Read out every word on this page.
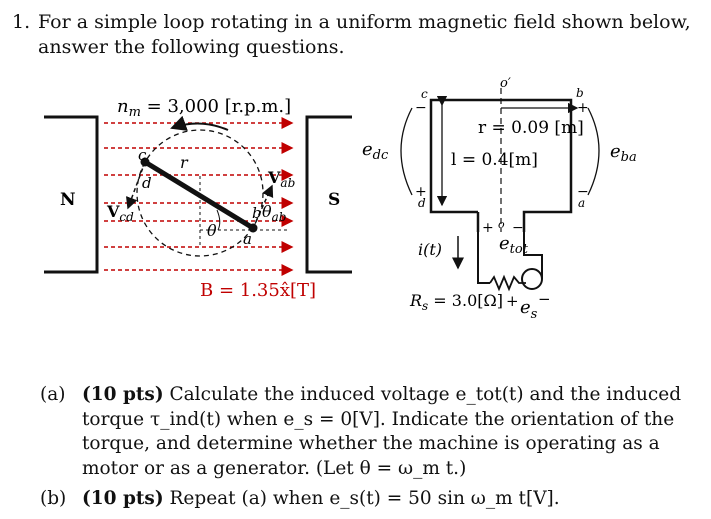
1. For a simple loop rotating in a uniform magnetic field shown below, answer the following questions.
N	S
$n_m = 3,000$ [r.p.m.]
c
d
r
$V_{ab}$
$V_{cd}$	b $\theta_{ab}$
θ a
B = 1.35x̂[T]
o′
c	b
d	a
−
+
+
−
r = 0.09 [m]
l = 0.4[m]
$e_{dc}$	$e_{ba}$
+ o −
$e_{tot}$
i(t)
$R_s = 3.0[\Omega] + e_s$
−
(a) (10 pts) Calculate the induced voltage e_tot(t) and the induced torque τ_ind(t) when e_s = 0[V]. Indicate the orientation of the torque, and determine whether the machine is operating as a motor or as a generator. (Let θ = ω_m t.)
(b) (10 pts) Repeat (a) when e_s(t) = 50 sin ω_m t[V].
